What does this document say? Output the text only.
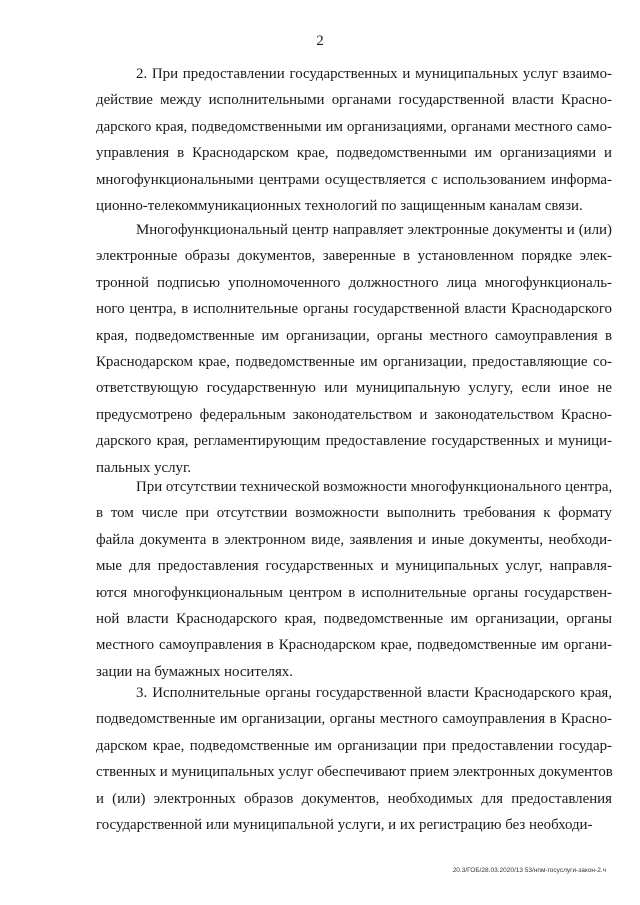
2
2. При предоставлении государственных и муниципальных услуг взаимо-
действие между исполнительными органами государственной власти Красно-
дарского края, подведомственными им организациями, органами местного само-
управления в Краснодарском крае, подведомственными им организациями и
многофункциональными центрами осуществляется с использованием информа-
ционно-телекоммуникационных технологий по защищенным каналам связи.
Многофункциональный центр направляет электронные документы и (или)
электронные образы документов, заверенные в установленном порядке элек-
тронной подписью уполномоченного должностного лица многофункциональ-
ного центра, в исполнительные органы государственной власти Краснодарского
края, подведомственные им организации, органы местного самоуправления в
Краснодарском крае, подведомственные им организации, предоставляющие со-
ответствующую государственную или муниципальную услугу, если иное не
предусмотрено федеральным законодательством и законодательством Красно-
дарского края, регламентирующим предоставление государственных и муници-
пальных услуг.
При отсутствии технической возможности многофункционального центра,
в том числе при отсутствии возможности выполнить требования к формату
файла документа в электронном виде, заявления и иные документы, необходи-
мые для предоставления государственных и муниципальных услуг, направля-
ются многофункциональным центром в исполнительные органы государствен-
ной власти Краснодарского края, подведомственные им организации, органы
местного самоуправления в Краснодарском крае, подведомственные им органи-
зации на бумажных носителях.
3. Исполнительные органы государственной власти Краснодарского края,
подведомственные им организации, органы местного самоуправления в Красно-
дарском крае, подведомственные им организации при предоставлении государ-
ственных и муниципальных услуг обеспечивают прием электронных документов
и (или) электронных образов документов, необходимых для предоставления
государственной или муниципальной услуги, и их регистрацию без необходи-
20.3/ГОБ/28.03.2020/13 53/нпм-госуслуги-закон-2.ч
